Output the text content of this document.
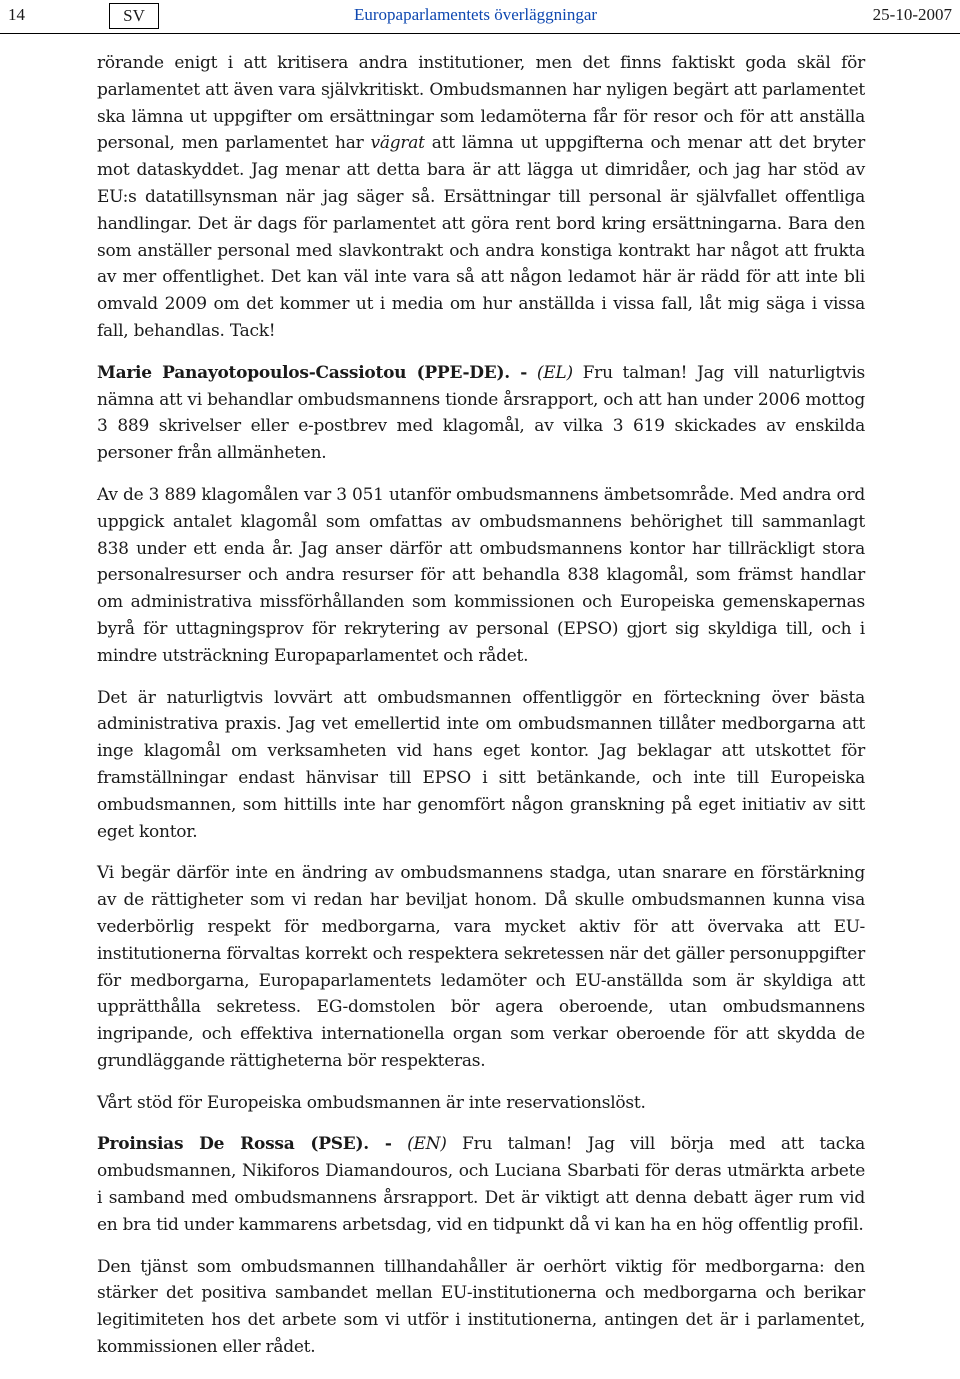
14	SV	Europaparlamentets överläggningar	25-10-2007

rörande enigt i att kritisera andra institutioner, men det finns faktiskt goda skäl för parlamentet att även vara självkritiskt. Ombudsmannen har nyligen begärt att parlamentet ska lämna ut uppgifter om ersättningar som ledamöterna får för resor och för att anställa personal, men parlamentet har vägrat att lämna ut uppgifterna och menar att det bryter mot dataskyddet. Jag menar att detta bara är att lägga ut dimridåer, och jag har stöd av EU:s datatillsynsman när jag säger så. Ersättningar till personal är självfallet offentliga handlingar. Det är dags för parlamentet att göra rent bord kring ersättningarna. Bara den som anställer personal med slavkontrakt och andra konstiga kontrakt har något att frukta av mer offentlighet. Det kan väl inte vara så att någon ledamot här är rädd för att inte bli omvald 2009 om det kommer ut i media om hur anställda i vissa fall, låt mig säga i vissa fall, behandlas. Tack!

Marie Panayotopoulos-Cassiotou (PPE-DE). - (EL) Fru talman! Jag vill naturligtvis nämna att vi behandlar ombudsmannens tionde årsrapport, och att han under 2006 mottog 3 889 skrivelser eller e-postbrev med klagomål, av vilka 3 619 skickades av enskilda personer från allmänheten.

Av de 3 889 klagomålen var 3 051 utanför ombudsmannens ämbetsområde. Med andra ord uppgick antalet klagomål som omfattas av ombudsmannens behörighet till sammanlagt 838 under ett enda år. Jag anser därför att ombudsmannens kontor har tillräckligt stora personalresurser och andra resurser för att behandla 838 klagomål, som främst handlar om administrativa missförhållanden som kommissionen och Europeiska gemenskapernas byrå för uttagningsprov för rekrytering av personal (EPSO) gjort sig skyldiga till, och i mindre utsträckning Europaparlamentet och rådet.

Det är naturligtvis lovvärt att ombudsmannen offentliggör en förteckning över bästa administrativa praxis. Jag vet emellertid inte om ombudsmannen tillåter medborgarna att inge klagomål om verksamheten vid hans eget kontor. Jag beklagar att utskottet för framställningar endast hänvisar till EPSO i sitt betänkande, och inte till Europeiska ombudsmannen, som hittills inte har genomfört någon granskning på eget initiativ av sitt eget kontor.

Vi begär därför inte en ändring av ombudsmannens stadga, utan snarare en förstärkning av de rättigheter som vi redan har beviljat honom. Då skulle ombudsmannen kunna visa vederbörlig respekt för medborgarna, vara mycket aktiv för att övervaka att EU-institutionerna förvaltas korrekt och respektera sekretessen när det gäller personuppgifter för medborgarna, Europaparlamentets ledamöter och EU-anställda som är skyldiga att upprätthålla sekretess. EG-domstolen bör agera oberoende, utan ombudsmannens ingripande, och effektiva internationella organ som verkar oberoende för att skydda de grundläggande rättigheterna bör respekteras.

Vårt stöd för Europeiska ombudsmannen är inte reservationslöst.

Proinsias De Rossa (PSE). - (EN) Fru talman! Jag vill börja med att tacka ombudsmannen, Nikiforos Diamandouros, och Luciana Sbarbati för deras utmärkta arbete i samband med ombudsmannens årsrapport. Det är viktigt att denna debatt äger rum vid en bra tid under kammarens arbetsdag, vid en tidpunkt då vi kan ha en hög offentlig profil.

Den tjänst som ombudsmannen tillhandahåller är oerhört viktig för medborgarna: den stärker det positiva sambandet mellan EU-institutionerna och medborgarna och berikar legitimiteten hos det arbete som vi utför i institutionerna, antingen det är i parlamentet, kommissionen eller rådet.
